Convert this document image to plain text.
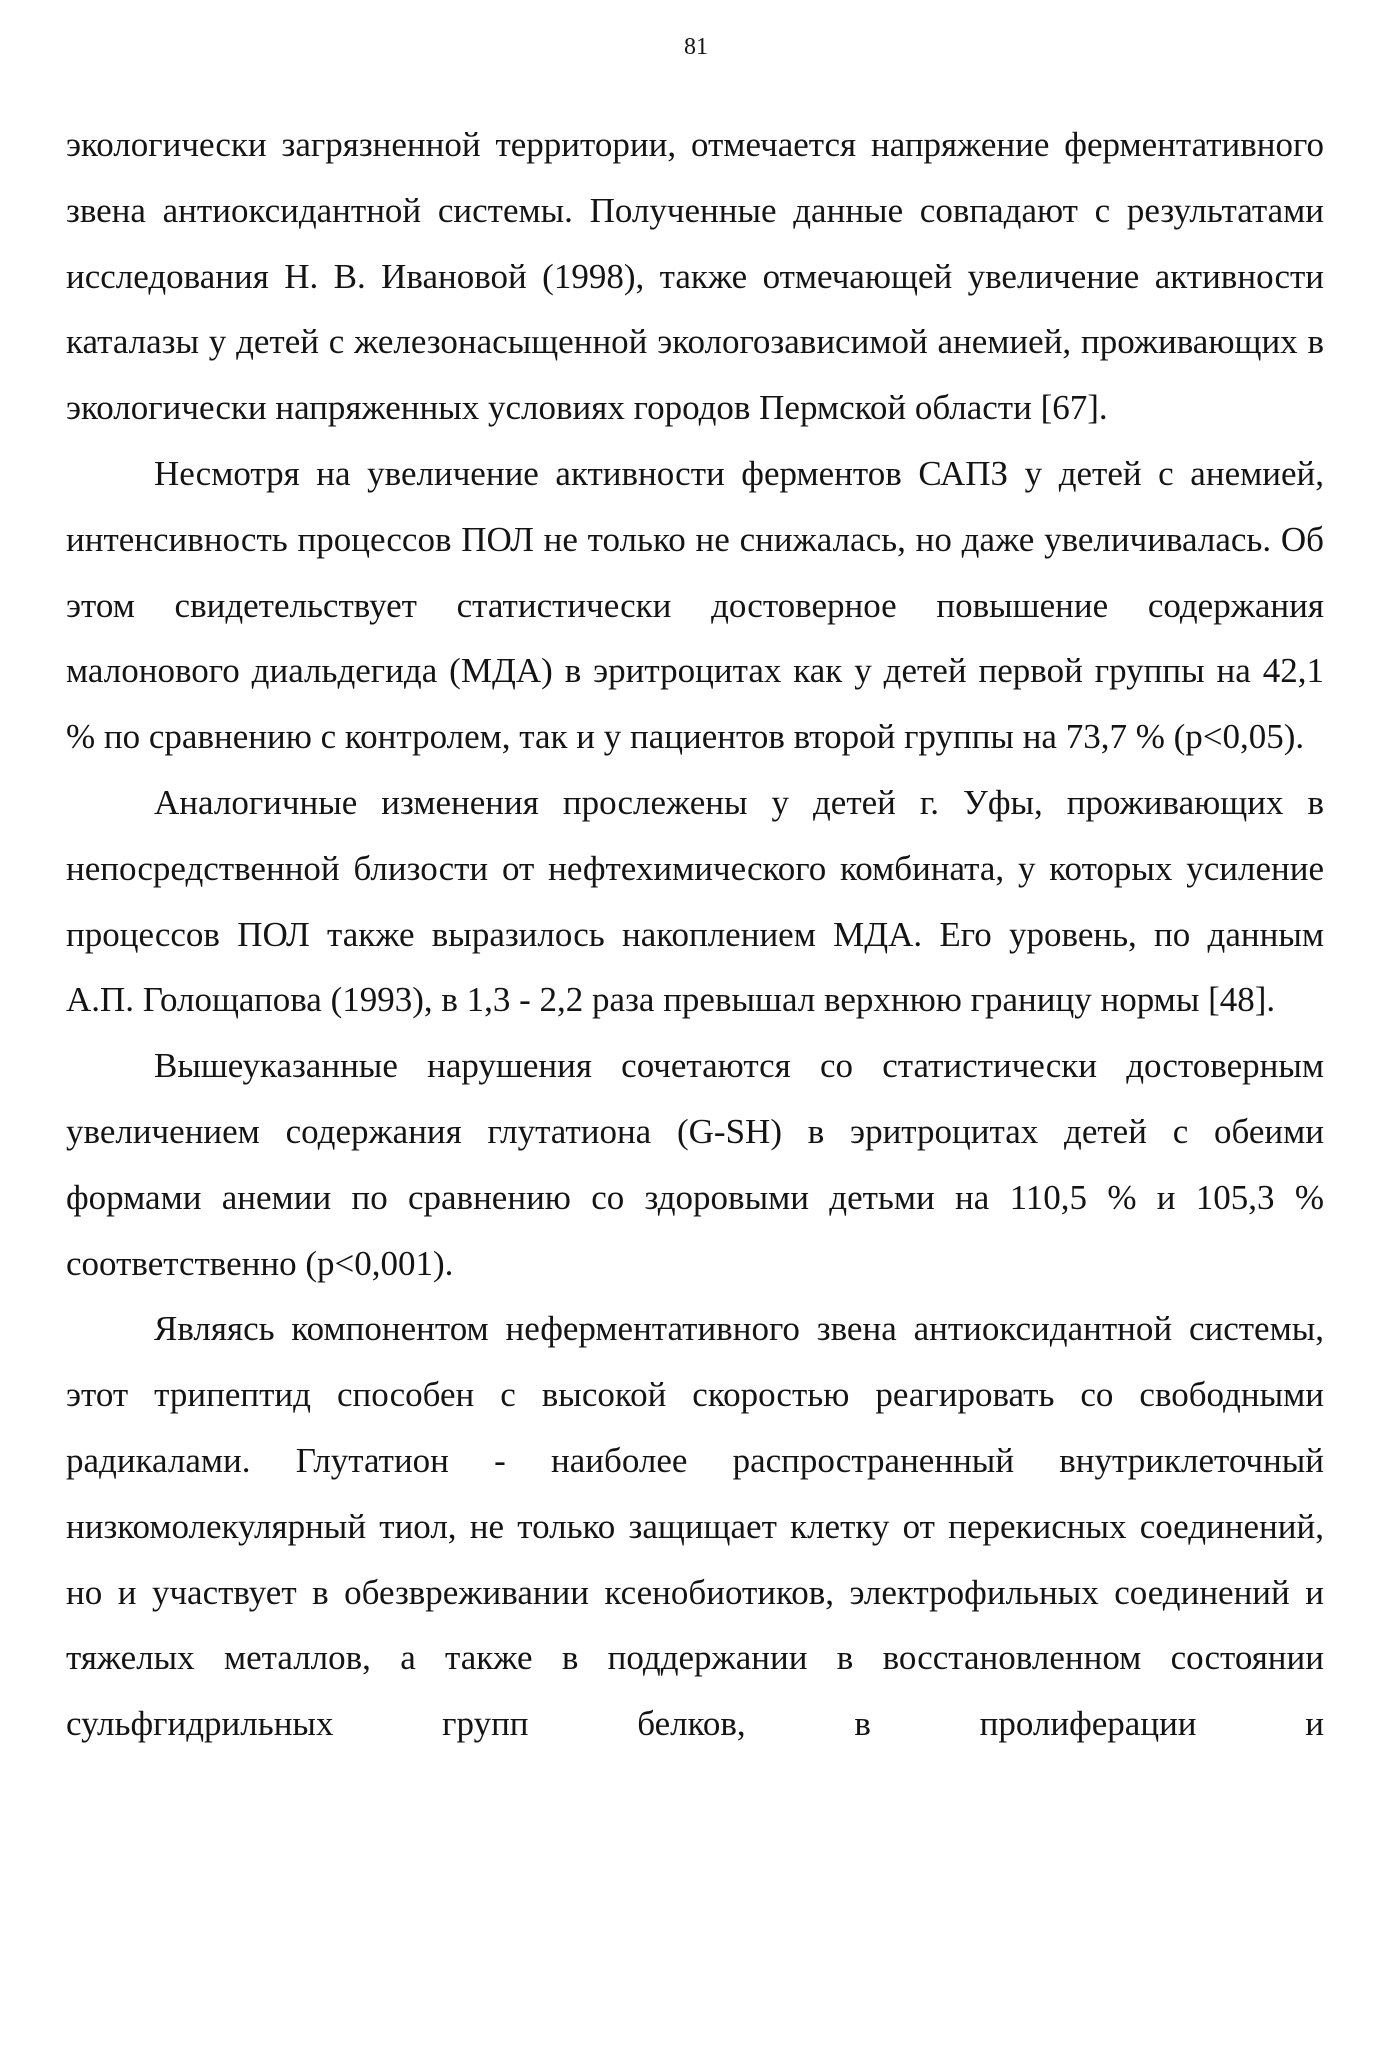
81

экологически загрязненной территории, отмечается напряжение ферментативного звена антиоксидантной системы. Полученные данные совпадают с результатами исследования Н. В. Ивановой (1998), также отмечающей увеличение активности каталазы у детей с железонасыщенной экологозависимой анемией, проживающих в экологически напряженных условиях городов Пермской области [67].

Несмотря на увеличение активности ферментов САПЗ у детей с анемией, интенсивность процессов ПОЛ не только не снижалась, но даже увеличивалась. Об этом свидетельствует статистически достоверное повышение содержания малонового диальдегида (МДА) в эритроцитах как у детей первой группы на 42,1 % по сравнению с контролем, так и у пациентов второй группы на 73,7 % (р<0,05).

Аналогичные изменения прослежены у детей г. Уфы, проживающих в непосредственной близости от нефтехимического комбината, у которых усиление процессов ПОЛ также выразилось накоплением МДА. Его уровень, по данным А.П. Голощапова (1993), в 1,3 - 2,2 раза превышал верхнюю границу нормы [48].

Вышеуказанные нарушения сочетаются со статистически достоверным увеличением содержания глутатиона (G-SH) в эритроцитах детей с обеими формами анемии по сравнению со здоровыми детьми на 110,5 % и 105,3 % соответственно (р<0,001).

Являясь компонентом неферментативного звена антиоксидантной системы, этот трипептид способен с высокой скоростью реагировать со свободными радикалами. Глутатион - наиболее распространенный внутриклеточный низкомолекулярный тиол, не только защищает клетку от перекисных соединений, но и участвует в обезвреживании ксенобиотиков, электрофильных соединений и тяжелых металлов, а также в поддержании в восстановленном состоянии сульфгидрильных групп белков, в пролиферации и
